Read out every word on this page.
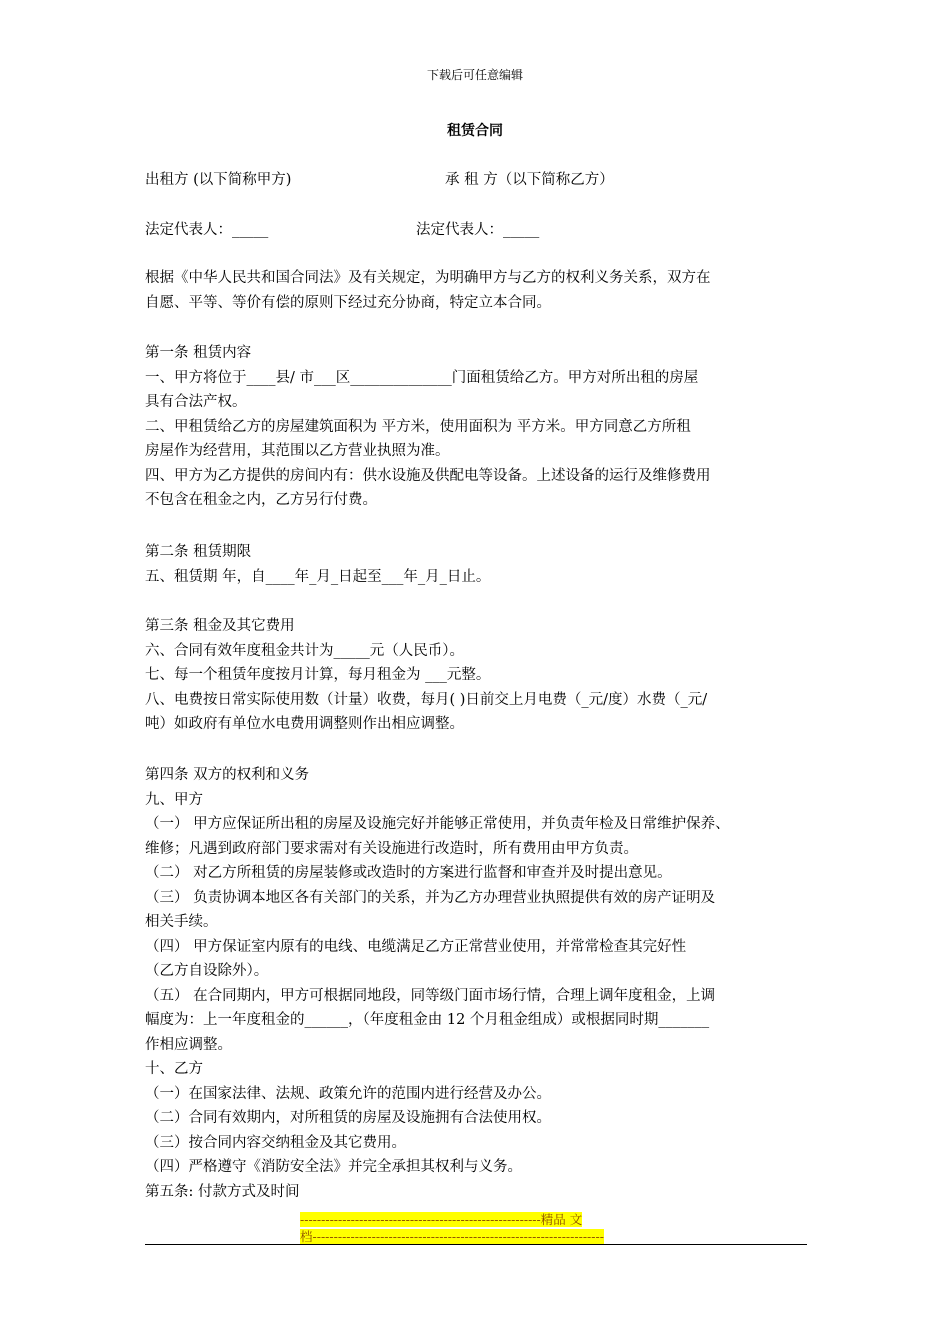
下载后可任意编辑
租赁合同
出租方 (以下简称甲方)	承 租 方（以下简称乙方）
法定代表人：_____	法定代表人：_____
根据《中华人民共和国合同法》及有关规定，为明确甲方与乙方的权利义务关系，双方在
自愿、平等、等价有偿的原则下经过充分协商，特定立本合同。
第一条 租赁内容
一、甲方将位于____县/ 市___区______________门面租赁给乙方。甲方对所出租的房屋
具有合法产权。
二、甲租赁给乙方的房屋建筑面积为 平方米，使用面积为 平方米。甲方同意乙方所租
房屋作为经营用，其范围以乙方营业执照为准。
四、甲方为乙方提供的房间内有：供水设施及供配电等设备。上述设备的运行及维修费用
不包含在租金之内，乙方另行付费。
第二条 租赁期限
五、租赁期 年，自____年_月_日起至___年_月_日止。
第三条 租金及其它费用
六、合同有效年度租金共计为_____元（人民币）。
七、每一个租赁年度按月计算，每月租金为 ___元整。
八、电费按日常实际使用数（计量）收费，每月( )日前交上月电费（_元/度）水费（_元/
吨）如政府有单位水电费用调整则作出相应调整。
第四条 双方的权利和义务
九、甲方
（一） 甲方应保证所出租的房屋及设施完好并能够正常使用，并负责年检及日常维护保养、
维修；凡遇到政府部门要求需对有关设施进行改造时，所有费用由甲方负责。
（二） 对乙方所租赁的房屋装修或改造时的方案进行监督和审查并及时提出意见。
（三） 负责协调本地区各有关部门的关系，并为乙方办理营业执照提供有效的房产证明及
相关手续。
（四） 甲方保证室内原有的电线、电缆满足乙方正常营业使用，并常常检查其完好性
（乙方自设除外）。
（五） 在合同期内，甲方可根据同地段，同等级门面市场行情，合理上调年度租金，上调
幅度为：上一年度租金的______，（年度租金由 12 个月租金组成）或根据同时期_______
作相应调整。
十、乙方
（一）在国家法律、法规、政策允许的范围内进行经营及办公。
（二）合同有效期内，对所租赁的房屋及设施拥有合法使用权。
（三）按合同内容交纳租金及其它费用。
（四）严格遵守《消防安全法》并完全承担其权利与义务。
第五条: 付款方式及时间
---------------------------------------------------------精品 文
档---------------------------------------------------------------------
